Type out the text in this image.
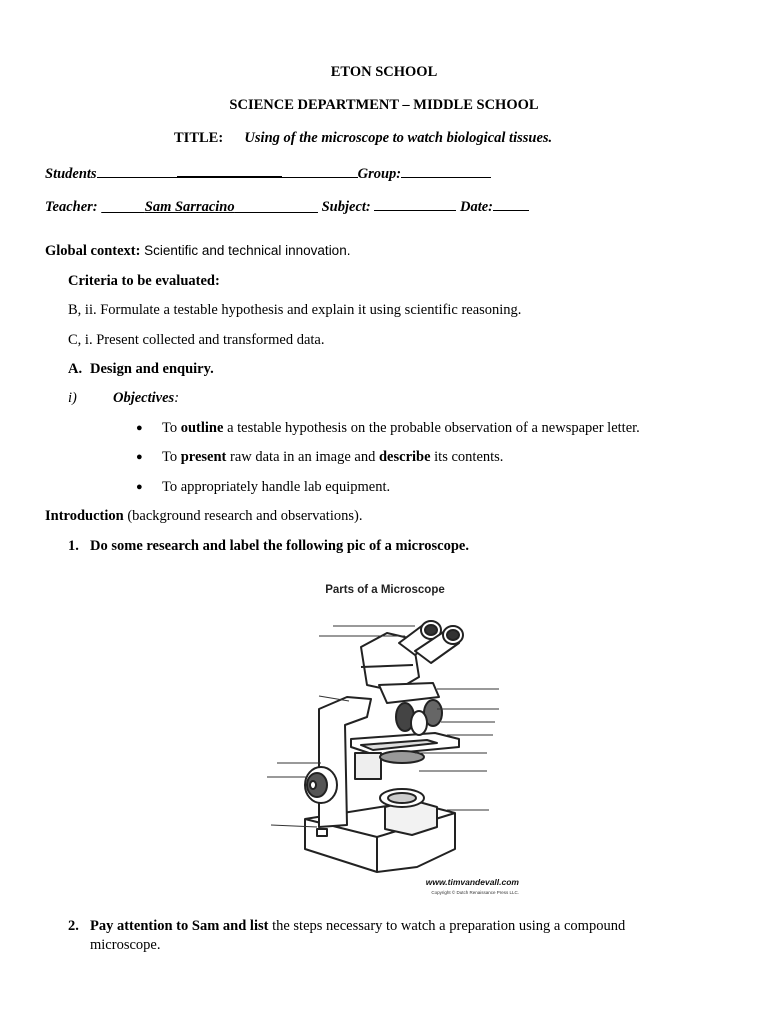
ETON SCHOOL
SCIENCE DEPARTMENT – MIDDLE SCHOOL
TITLE: Using of the microscope to watch biological tissues.
Students	Group:
Teacher:	Sam Sarracino	Subject:	Date:
Global context: Scientific and technical innovation.
Criteria to be evaluated:
B, ii. Formulate a testable hypothesis and explain it using scientific reasoning.
C, i. Present collected and transformed data.
A. Design and enquiry.
i) Objectives:
● To outline a testable hypothesis on the probable observation of a newspaper letter.
● To present raw data in an image and describe its contents.
● To appropriately handle lab equipment.
Introduction (background research and observations).
1. Do some research and label the following pic of a microscope.
Parts of a Microscope
www.timvandevall.com
Copyright © Dutch Renaissance Press LLC.
2. Pay attention to Sam and list the steps necessary to watch a preparation using a compound
microscope.
